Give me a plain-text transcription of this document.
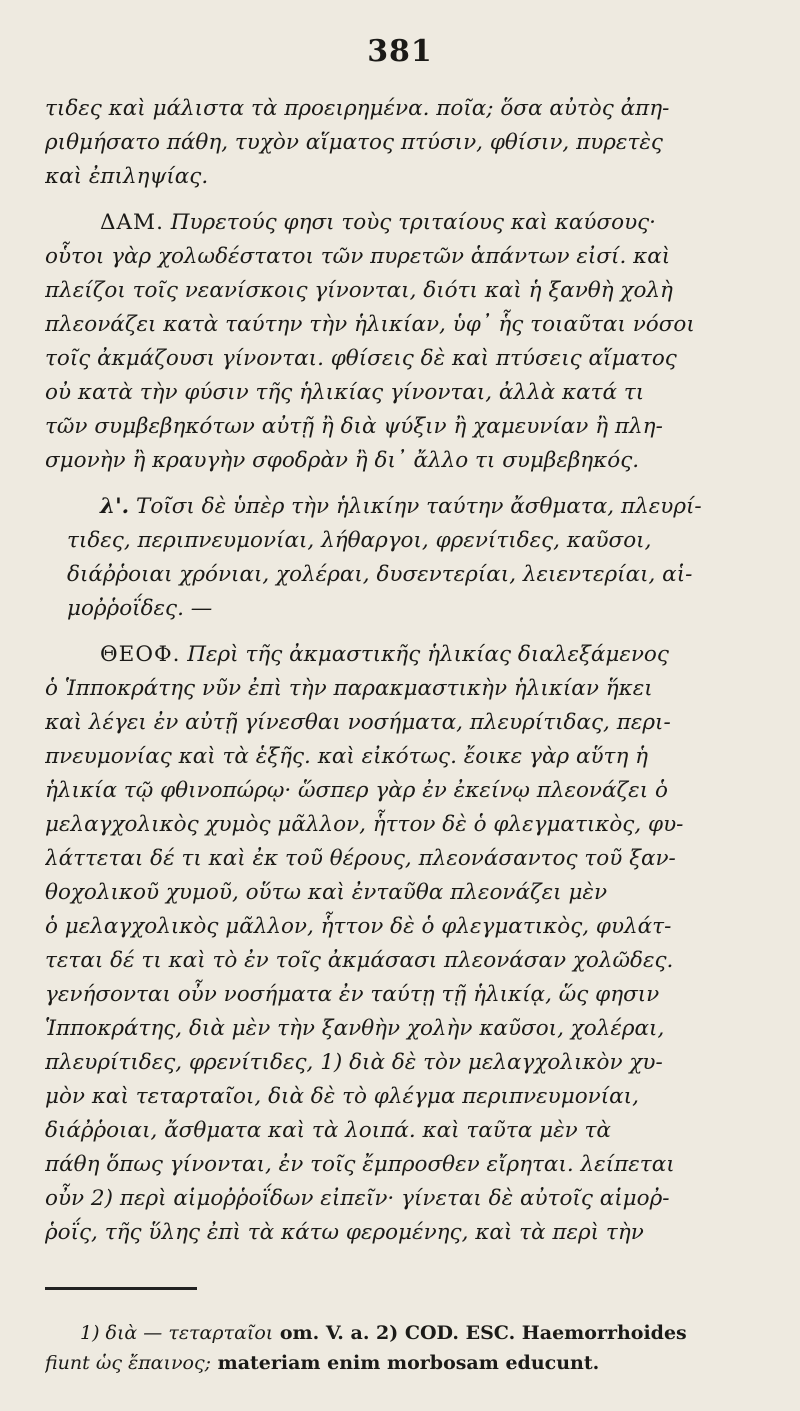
381
τιδες καὶ μάλιστα τὰ προειρημένα. ποῖα; ὅσα αὐτὸς ἀπη-
ριθμήσατο πάθη, τυχὸν αἵματος πτύσιν, φθίσιν, πυρετὲς
καὶ ἐπιληψίας.
ΔΑΜ. Πυρετούς φησι τοὺς τριταίους καὶ καύσους·
οὗτοι γὰρ χολωδέστατοι τῶν πυρετῶν ἁπάντων εἰσί. καὶ
πλείζοι τοῖς νεανίσκοις γίνονται, διότι καὶ ἡ ξανθὴ χολὴ
πλεονάζει κατὰ ταύτην τὴν ἡλικίαν, ὑφ᾽ ἧς τοιαῦται νόσοι
τοῖς ἀκμάζουσι γίνονται. φθίσεις δὲ καὶ πτύσεις αἵματος
οὐ κατὰ τὴν φύσιν τῆς ἡλικίας γίνονται, ἀλλὰ κατά τι
τῶν συμβεβηκότων αὐτῇ ἢ διὰ ψύξιν ἢ χαμευνίαν ἢ πλη-
σμονὴν ἢ κραυγὴν σφοδρὰν ἢ δι᾽ ἄλλο τι συμβεβηκός.
λ'. Τοῖσι δὲ ὑπὲρ τὴν ἡλικίην ταύτην ἄσθματα, πλευρί-
τιδες, περιπνευμονίαι, λήθαργοι, φρενίτιδες, καῦσοι,
διάῤῥοιαι χρόνιαι, χολέραι, δυσεντερίαι, λειεντερίαι, αἱ-
μοῤῥοΐδες. —
ΘΕΟΦ. Περὶ τῆς ἀκμαστικῆς ἡλικίας διαλεξάμενος
ὁ Ἱπποκράτης νῦν ἐπὶ τὴν παρακμαστικὴν ἡλικίαν ἥκει
καὶ λέγει ἐν αὐτῇ γίνεσθαι νοσήματα, πλευρίτιδας, περι-
πνευμονίας καὶ τὰ ἑξῆς. καὶ εἰκότως. ἔοικε γὰρ αὕτη ἡ
ἡλικία τῷ φθινοπώρῳ· ὥσπερ γὰρ ἐν ἐκείνῳ πλεονάζει ὁ
μελαγχολικὸς χυμὸς μᾶλλον, ἧττον δὲ ὁ φλεγματικὸς, φυ-
λάττεται δέ τι καὶ ἐκ τοῦ θέρους, πλεονάσαντος τοῦ ξαν-
θοχολικοῦ χυμοῦ, οὕτω καὶ ἐνταῦθα πλεονάζει μὲν
ὁ μελαγχολικὸς μᾶλλον, ἧττον δὲ ὁ φλεγματικὸς, φυλάτ-
τεται δέ τι καὶ τὸ ἐν τοῖς ἀκμάσασι πλεονάσαν χολῶδες.
γενήσονται οὖν νοσήματα ἐν ταύτῃ τῇ ἡλικίᾳ, ὥς φησιν
Ἱπποκράτης, διὰ μὲν τὴν ξανθὴν χολὴν καῦσοι, χολέραι,
πλευρίτιδες, φρενίτιδες, 1) διὰ δὲ τὸν μελαγχολικὸν χυ-
μὸν καὶ τεταρταῖοι, διὰ δὲ τὸ φλέγμα περιπνευμονίαι,
διάῤῥοιαι, ἄσθματα καὶ τὰ λοιπά. καὶ ταῦτα μὲν τὰ
πάθη ὅπως γίνονται, ἐν τοῖς ἔμπροσθεν εἴρηται. λείπεται
οὖν 2) περὶ αἱμοῤῥοΐδων εἰπεῖν· γίνεται δὲ αὐτοῖς αἱμοῤ-
ῥοΐς, τῆς ὕλης ἐπὶ τὰ κάτω φερομένης, καὶ τὰ περὶ τὴν
1) διὰ — τεταρταῖοι om. V. a. 2) COD. ESC. Haemorrhoides
fiunt ὡς ἔπαινος; materiam enim morbosam educunt.
